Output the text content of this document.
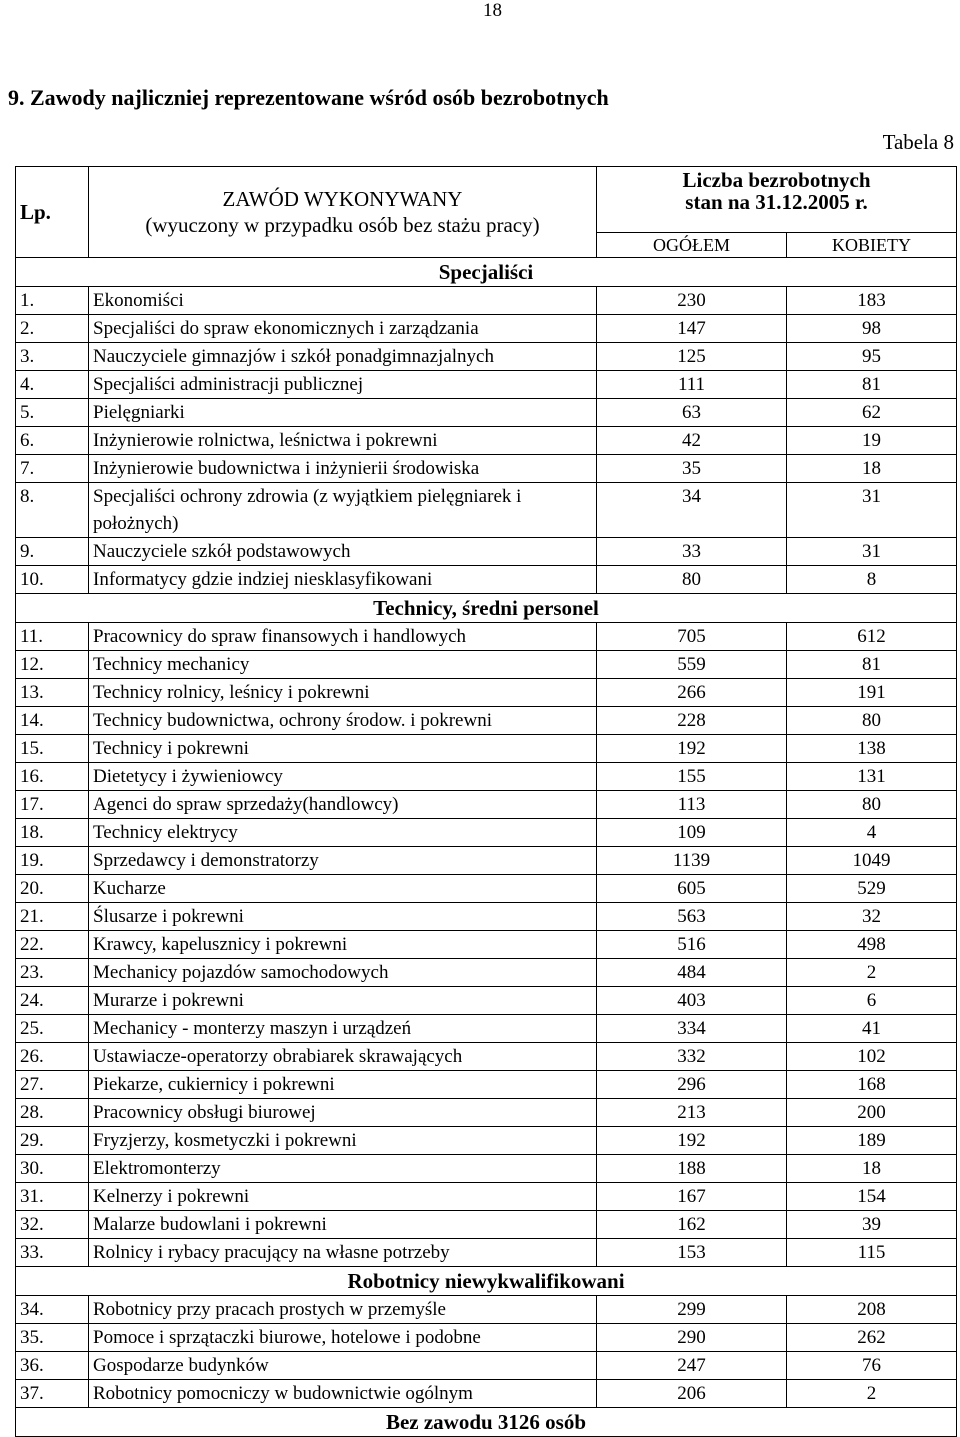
18
9. Zawody najliczniej reprezentowane wśród osób bezrobotnych
Tabela 8
Lp.	ZAWÓD WYKONYWANY
(wyuczony w przypadku osób bez stażu pracy)	Liczba bezrobotnych
stan na 31.12.2005 r.	
		OGÓŁEM	KOBIETY
Specjaliści			
1.	Ekonomiści	230	183
2.	Specjaliści do spraw ekonomicznych i zarządzania	147	98
3.	Nauczyciele gimnazjów i szkół ponadgimnazjalnych	125	95
4.	Specjaliści administracji publicznej	111	81
5.	Pielęgniarki	63	62
6.	Inżynierowie rolnictwa, leśnictwa i pokrewni	42	19
7.	Inżynierowie budownictwa i inżynierii środowiska	35	18
8.	Specjaliści ochrony zdrowia (z wyjątkiem pielęgniarek i położnych)	34	31
9.	Nauczyciele szkół podstawowych	33	31
10.	Informatycy gdzie indziej niesklasyfikowani	80	8
Technicy, średni personel			
11.	Pracownicy do spraw finansowych i handlowych	705	612
12.	Technicy mechanicy	559	81
13.	Technicy rolnicy, leśnicy i pokrewni	266	191
14.	Technicy budownictwa, ochrony środow. i pokrewni	228	80
15.	Technicy i pokrewni	192	138
16.	Dietetycy i żywieniowcy	155	131
17.	Agenci do spraw sprzedaży(handlowcy)	113	80
18.	Technicy elektrycy	109	4
19.	Sprzedawcy i demonstratorzy	1139	1049
20.	Kucharze	605	529
21.	Ślusarze i pokrewni	563	32
22.	Krawcy, kapelusznicy i pokrewni	516	498
23.	Mechanicy pojazdów samochodowych	484	2
24.	Murarze i pokrewni	403	6
25.	Mechanicy - monterzy maszyn i urządzeń	334	41
26.	Ustawiacze-operatorzy obrabiarek skrawających	332	102
27.	Piekarze, cukiernicy i pokrewni	296	168
28.	Pracownicy obsługi biurowej	213	200
29.	Fryzjerzy, kosmetyczki i pokrewni	192	189
30.	Elektromonterzy	188	18
31.	Kelnerzy i pokrewni	167	154
32.	Malarze budowlani i pokrewni	162	39
33.	Rolnicy i rybacy pracujący na własne potrzeby	153	115
Robotnicy niewykwalifikowani			
34.	Robotnicy przy pracach prostych w przemyśle	299	208
35.	Pomoce i sprzątaczki biurowe, hotelowe i podobne	290	262
36.	Gospodarze budynków	247	76
37.	Robotnicy pomocniczy w budownictwie ogólnym	206	2
Bez zawodu 3126 osób			
